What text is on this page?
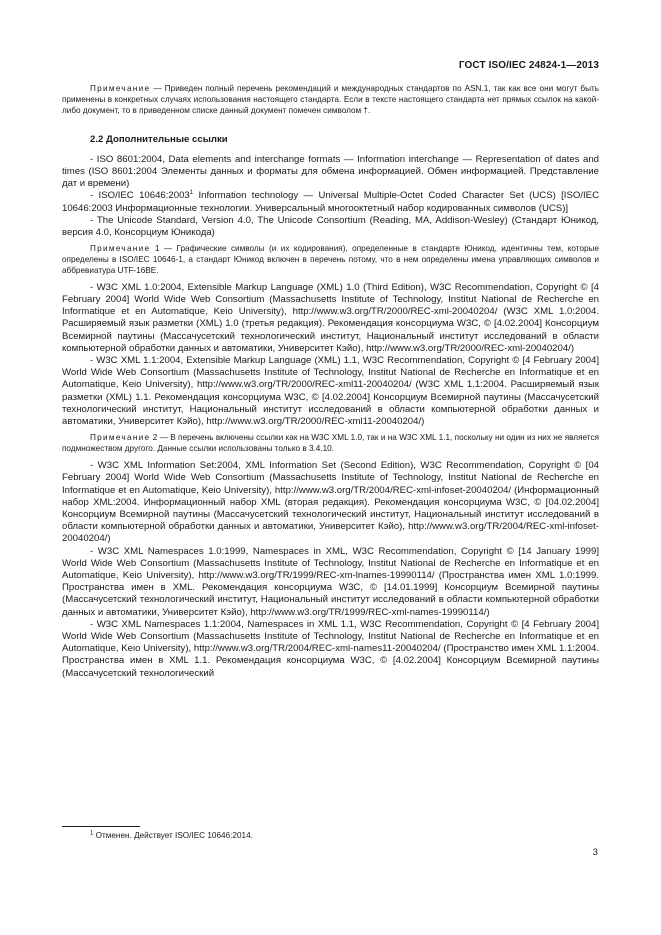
ГОСТ ISO/IEC 24824-1—2013

Примечание — Приведен полный перечень рекомендаций и международных стандартов по ASN.1, так как все они могут быть применены в конкретных случаях использования настоящего стандарта. Если в тексте настоящего стандарта нет прямых ссылок на какой-либо документ, то в приведенном списке данный документ помечен символом †.

2.2 Дополнительные ссылки

- ISO 8601:2004, Data elements and interchange formats — Information interchange — Representation of dates and times (ISO 8601:2004 Элементы данных и форматы для обмена информацией. Обмен информацией. Представление дат и времени)

- ISO/IEC 10646:2003$^1$ Information technology — Universal Multiple-Octet Coded Character Set (UCS) [ISO/IEC 10646:2003 Информационные технологии. Универсальный многооктетный набор кодированных символов (UCS)]

- The Unicode Standard, Version 4.0, The Unicode Consortium (Reading, MA, Addison-Wesley) (Стандарт Юникод, версия 4.0, Консорциум Юникода)

Примечание 1 — Графические символы (и их кодирования), определенные в стандарте Юникод, идентичны тем, которые определены в ISO/IEC 10646-1, а стандарт Юникод включен в перечень потому, что в нем определены имена управляющих символов и аббревиатура UTF-16BE.

- W3C XML 1.0:2004, Extensible Markup Language (XML) 1.0 (Third Edition), W3C Recommendation, Copyright © [4 February 2004] World Wide Web Consortium (Massachusetts Institute of Technology, Institut National de Recherche en Informatique et en Automatique, Keio University), http://www.w3.org/TR/2000/REC-xml-20040204/ (W3C XML 1.0:2004. Расширяемый язык разметки (XML) 1.0 (третья редакция). Рекомендация консорциума W3C, © [4.02.2004] Консорциум Всемирной паутины (Массачусетский технологический институт, Национальный институт исследований в области компьютерной обработки данных и автоматики, Университет Кэйо), http://www.w3.org/TR/2000/REC-xml-20040204/)

- W3C XML 1.1:2004, Extensible Markup Language (XML) 1.1, W3C Recommendation, Copyright © [4 February 2004] World Wide Web Consortium (Massachusetts Institute of Technology, Institut National de Recherche en Informatique et en Automatique, Keio University), http://www.w3.org/TR/2000/REC-xml11-20040204/ (W3C XML 1.1:2004. Расширяемый язык разметки (XML) 1.1. Рекомендация консорциума W3C, © [4.02.2004] Консорциум Всемирной паутины (Массачусетский технологический институт, Национальный институт исследований в области компьютерной обработки данных и автоматики, Университет Кэйо), http://www.w3.org/TR/2000/REC-xml11-20040204/)

Примечание 2 — В перечень включены ссылки как на W3C XML 1.0, так и на W3C XML 1.1, поскольку ни один из них не является подмножеством другого. Данные ссылки использованы только в 3.4.10.

- W3C XML Information Set:2004, XML Information Set (Second Edition), W3C Recommendation, Copyright © [04 February 2004] World Wide Web Consortium (Massachusetts Institute of Technology, Institut National de Recherche en Informatique et en Automatique, Keio University), http://www.w3.org/TR/2004/REC-xml-infoset-20040204/ (Информационный набор XML:2004. Информационный набор XML (вторая редакция). Рекомендация консорциума W3C, © [04.02.2004] Консорциум Всемирной паутины (Массачусетский технологический институт, Национальный институт исследований в области компьютерной обработки данных и автоматики, Университет Кэйо), http://www.w3.org/TR/2004/REC-xml-infoset-20040204/)

- W3C XML Namespaces 1.0:1999, Namespaces in XML, W3C Recommendation, Copyright © [14 January 1999] World Wide Web Consortium (Massachusetts Institute of Technology, Institut National de Recherche en Informatique et en Automatique, Keio University), http://www.w3.org/TR/1999/REC-xm-lnames-19990114/ (Пространства имен XML 1.0:1999. Пространства имен в XML. Рекомендация консорциума W3C, © [14.01.1999] Консорциум Всемирной паутины (Массачусетский технологический институт, Национальный институт исследований в области компьютерной обработки данных и автоматики, Университет Кэйо), http://www.w3.org/TR/1999/REC-xml-names-19990114/)

- W3C XML Namespaces 1.1:2004, Namespaces in XML 1.1, W3C Recommendation, Copyright © [4 February 2004] World Wide Web Consortium (Massachusetts Institute of Technology, Institut National de Recherche en Informatique et en Automatique, Keio University), http://www.w3.org/TR/2004/REC-xml-names11-20040204/ (Пространство имен XML 1.1:2004. Пространства имен в XML 1.1. Рекомендация консорциума W3C, © [4.02.2004] Консорциум Всемирной паутины (Массачусетский технологический

$^1$ Отменен. Действует ISO/IEC 10646:2014.
3
